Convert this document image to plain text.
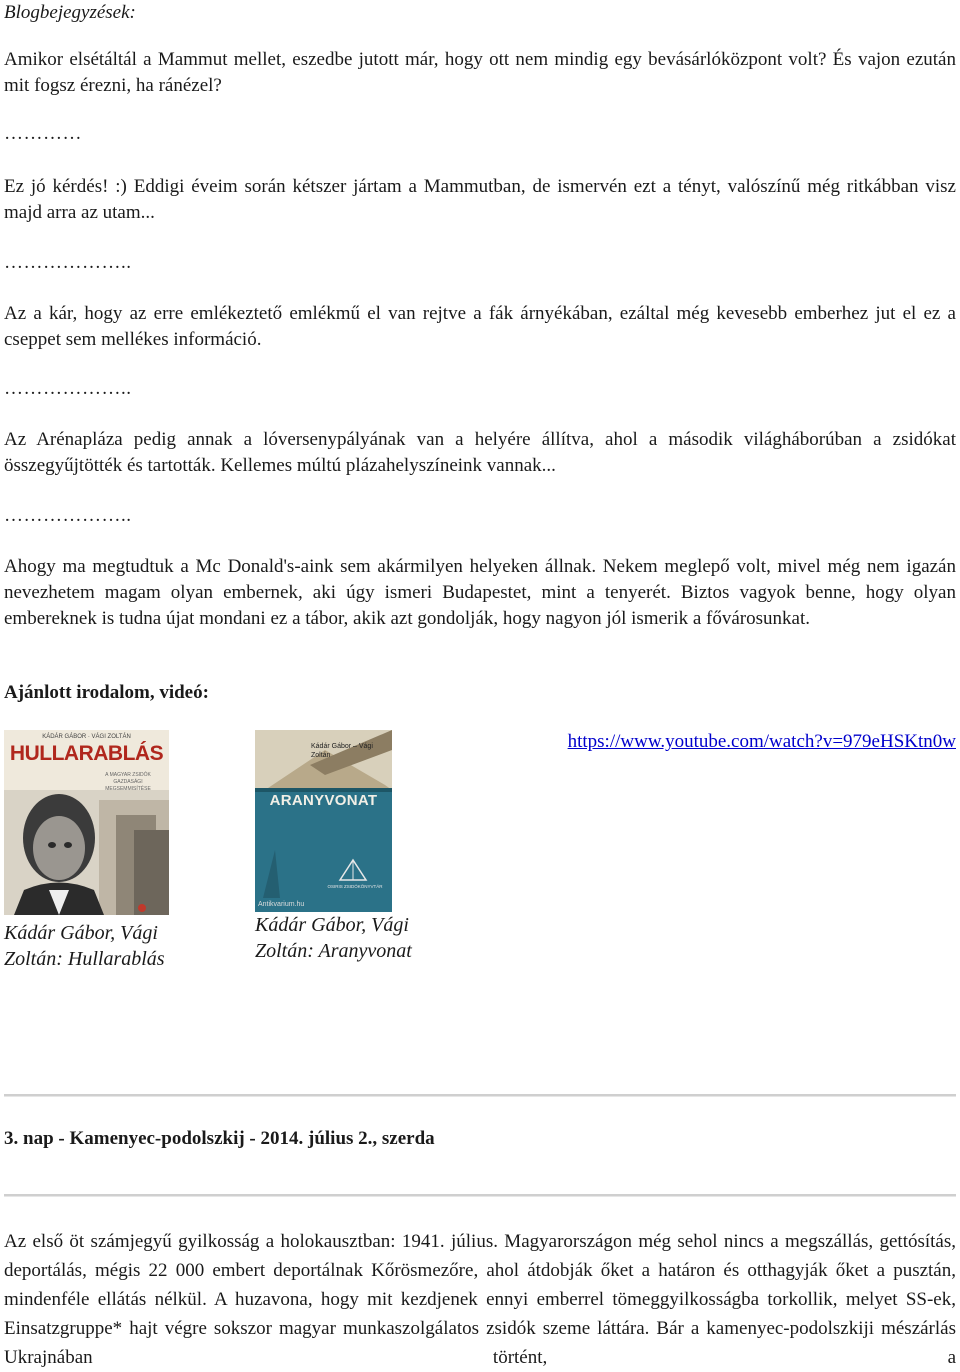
Blogbejegyzések:

Amikor elsétáltál a Mammut mellet, eszedbe jutott már, hogy ott nem mindig egy bevásárlóközpont volt? És vajon ezután mit fogsz érezni, ha ránézel?

…………

Ez jó kérdés! :) Eddigi éveim során kétszer jártam a Mammutban, de ismervén ezt a tényt, valószínű még ritkábban visz majd arra az utam...

………………..

Az a kár, hogy az erre emlékeztető emlékmű el van rejtve a fák árnyékában, ezáltal még kevesebb emberhez jut el ez a cseppet sem mellékes információ.

………………..

Az Arénapláza pedig annak a lóversenypályának van a helyére állítva, ahol a második világháborúban a zsidókat összegyűjtötték és tartották. Kellemes múltú plázahelyszíneink vannak...

………………..

Ahogy ma megtudtuk a Mc Donald's-aink sem akármilyen helyeken állnak. Nekem meglepő volt, mivel még nem igazán nevezhetem magam olyan embernek, aki úgy ismeri Budapestet, mint a tenyerét. Biztos vagyok benne, hogy olyan embereknek is tudna újat mondani ez a tábor, akik azt gondolják, hogy nagyon jól ismerik a fővárosunkat.

Ajánlott irodalom, videó:
https://www.youtube.com/watch?v=979eHSKtn0w
KÁDÁR GÁBOR · VÁGI ZOLTÁN
HULLARABLÁS
A MAGYAR ZSIDÓK GAZDASÁGI MEGSEMMISÍTÉSE
Kádár Gábor – Vági Zoltán
ARANYVONAT
OSIRIS ZSIDÓKÖNYVTÁR
Antikvarium.hu
Kádár Gábor, Vági Zoltán: Hullarablás
Kádár Gábor, Vági Zoltán: Aranyvonat
3. nap - Kamenyec-podolszkij - 2014. július 2., szerda

Az első öt számjegyű gyilkosság a holokausztban: 1941. július. Magyarországon még sehol nincs a megszállás, gettósítás, deportálás, mégis 22 000 embert deportálnak Kőrösmezőre, ahol átdobják őket a határon és otthagyják őket a pusztán, mindenféle ellátás nélkül. A huzavona, hogy mit kezdjenek ennyi emberrel tömeggyilkosságba torkollik, melyet SS-ek, Einsatzgruppe* hajt végre sokszor magyar munkaszolgálatos zsidók szeme láttára. Bár a kamenyec-podolszkiji mészárlás Ukrajnában történt, a
